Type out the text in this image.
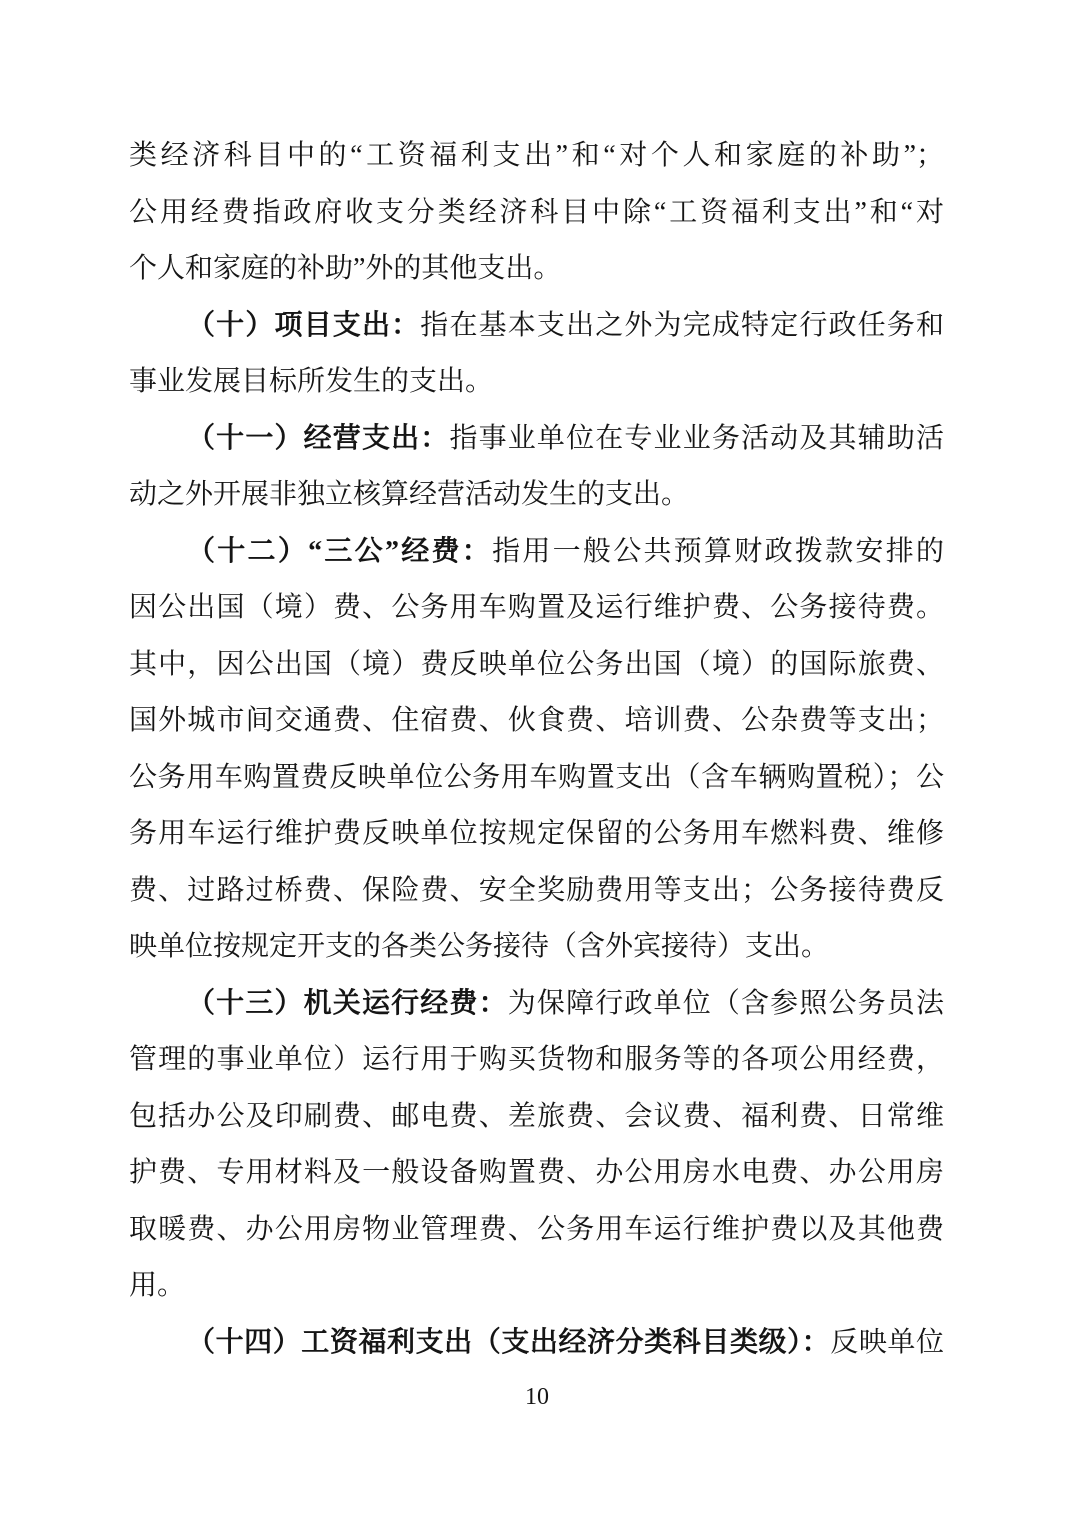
类经济科目中的“工资福利支出”和“对个人和家庭的补助”；
公用经费指政府收支分类经济科目中除“工资福利支出”和“对
个人和家庭的补助”外的其他支出。
（十）项目支出：指在基本支出之外为完成特定行政任务和
事业发展目标所发生的支出。
（十一）经营支出：指事业单位在专业业务活动及其辅助活
动之外开展非独立核算经营活动发生的支出。
（十二）“三公”经费：指用一般公共预算财政拨款安排的
因公出国（境）费、公务用车购置及运行维护费、公务接待费。
其中，因公出国（境）费反映单位公务出国（境）的国际旅费、
国外城市间交通费、住宿费、伙食费、培训费、公杂费等支出；
公务用车购置费反映单位公务用车购置支出（含车辆购置税）；公
务用车运行维护费反映单位按规定保留的公务用车燃料费、维修
费、过路过桥费、保险费、安全奖励费用等支出；公务接待费反
映单位按规定开支的各类公务接待（含外宾接待）支出。
（十三）机关运行经费：为保障行政单位（含参照公务员法
管理的事业单位）运行用于购买货物和服务等的各项公用经费，
包括办公及印刷费、邮电费、差旅费、会议费、福利费、日常维
护费、专用材料及一般设备购置费、办公用房水电费、办公用房
取暖费、办公用房物业管理费、公务用车运行维护费以及其他费
用。
（十四）工资福利支出（支出经济分类科目类级）：反映单位
10
